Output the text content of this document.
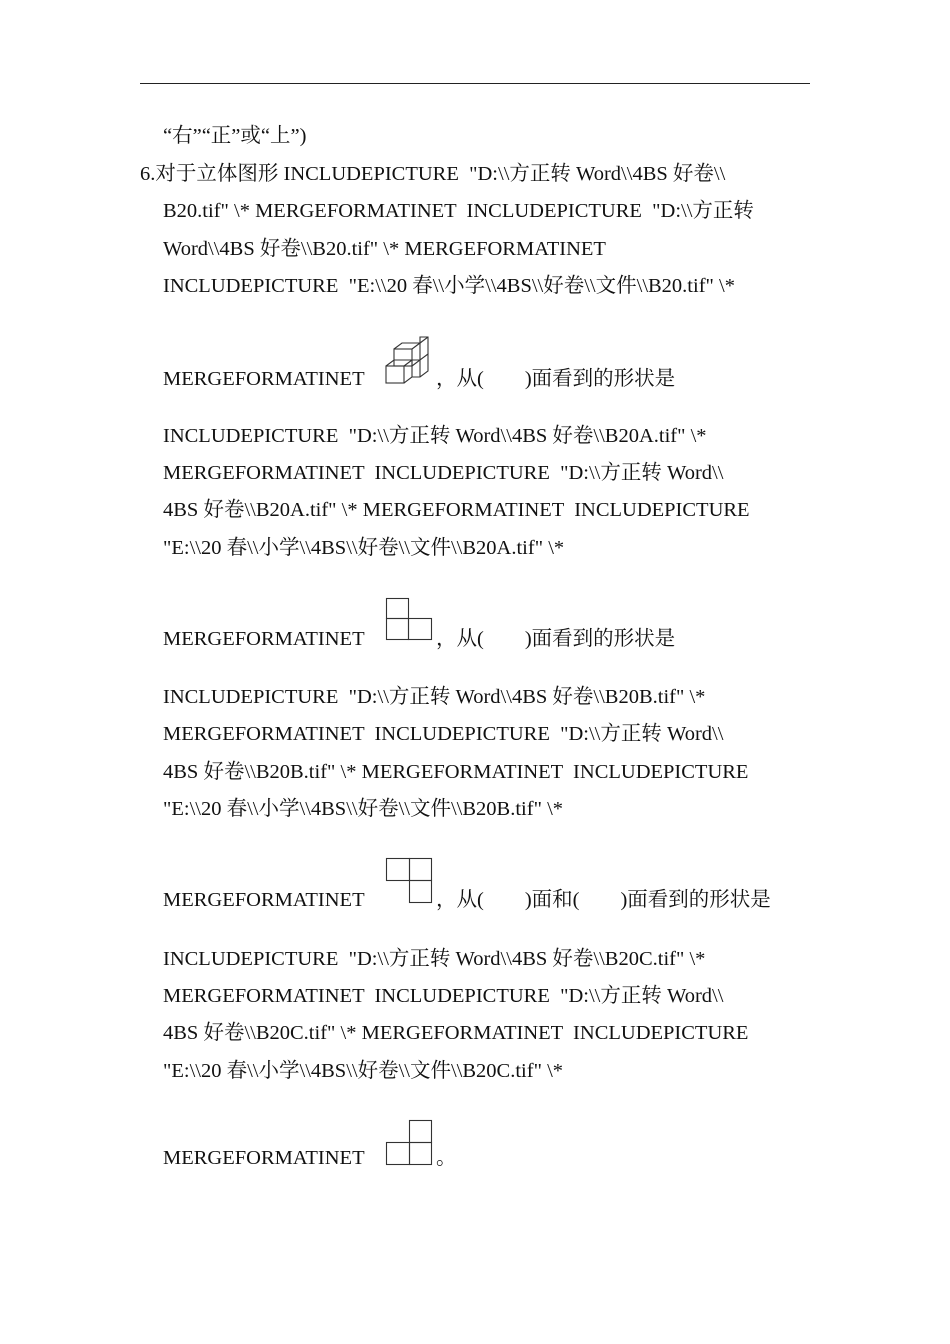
“右”“正”或“上”)
6.对于立体图形 INCLUDEPICTURE  "D:\\方正转 Word\\4BS 好卷\\
B20.tif" \* MERGEFORMATINET  INCLUDEPICTURE  "D:\\方正转
Word\\4BS 好卷\\B20.tif" \* MERGEFORMATINET
INCLUDEPICTURE  "E:\\20 春\\小学\\4BS\\好卷\\文件\\B20.tif" \*
MERGEFORMATINET	，从(　　)面看到的形状是
INCLUDEPICTURE  "D:\\方正转 Word\\4BS 好卷\\B20A.tif" \*
MERGEFORMATINET  INCLUDEPICTURE  "D:\\方正转 Word\\
4BS 好卷\\B20A.tif" \* MERGEFORMATINET  INCLUDEPICTURE
"E:\\20 春\\小学\\4BS\\好卷\\文件\\B20A.tif" \*
MERGEFORMATINET	，从(　　)面看到的形状是
INCLUDEPICTURE  "D:\\方正转 Word\\4BS 好卷\\B20B.tif" \*
MERGEFORMATINET  INCLUDEPICTURE  "D:\\方正转 Word\\
4BS 好卷\\B20B.tif" \* MERGEFORMATINET  INCLUDEPICTURE
"E:\\20 春\\小学\\4BS\\好卷\\文件\\B20B.tif" \*
MERGEFORMATINET	，从(　　)面和(　　)面看到的形状是
INCLUDEPICTURE  "D:\\方正转 Word\\4BS 好卷\\B20C.tif" \*
MERGEFORMATINET  INCLUDEPICTURE  "D:\\方正转 Word\\
4BS 好卷\\B20C.tif" \* MERGEFORMATINET  INCLUDEPICTURE
"E:\\20 春\\小学\\4BS\\好卷\\文件\\B20C.tif" \*
MERGEFORMATINET	。
